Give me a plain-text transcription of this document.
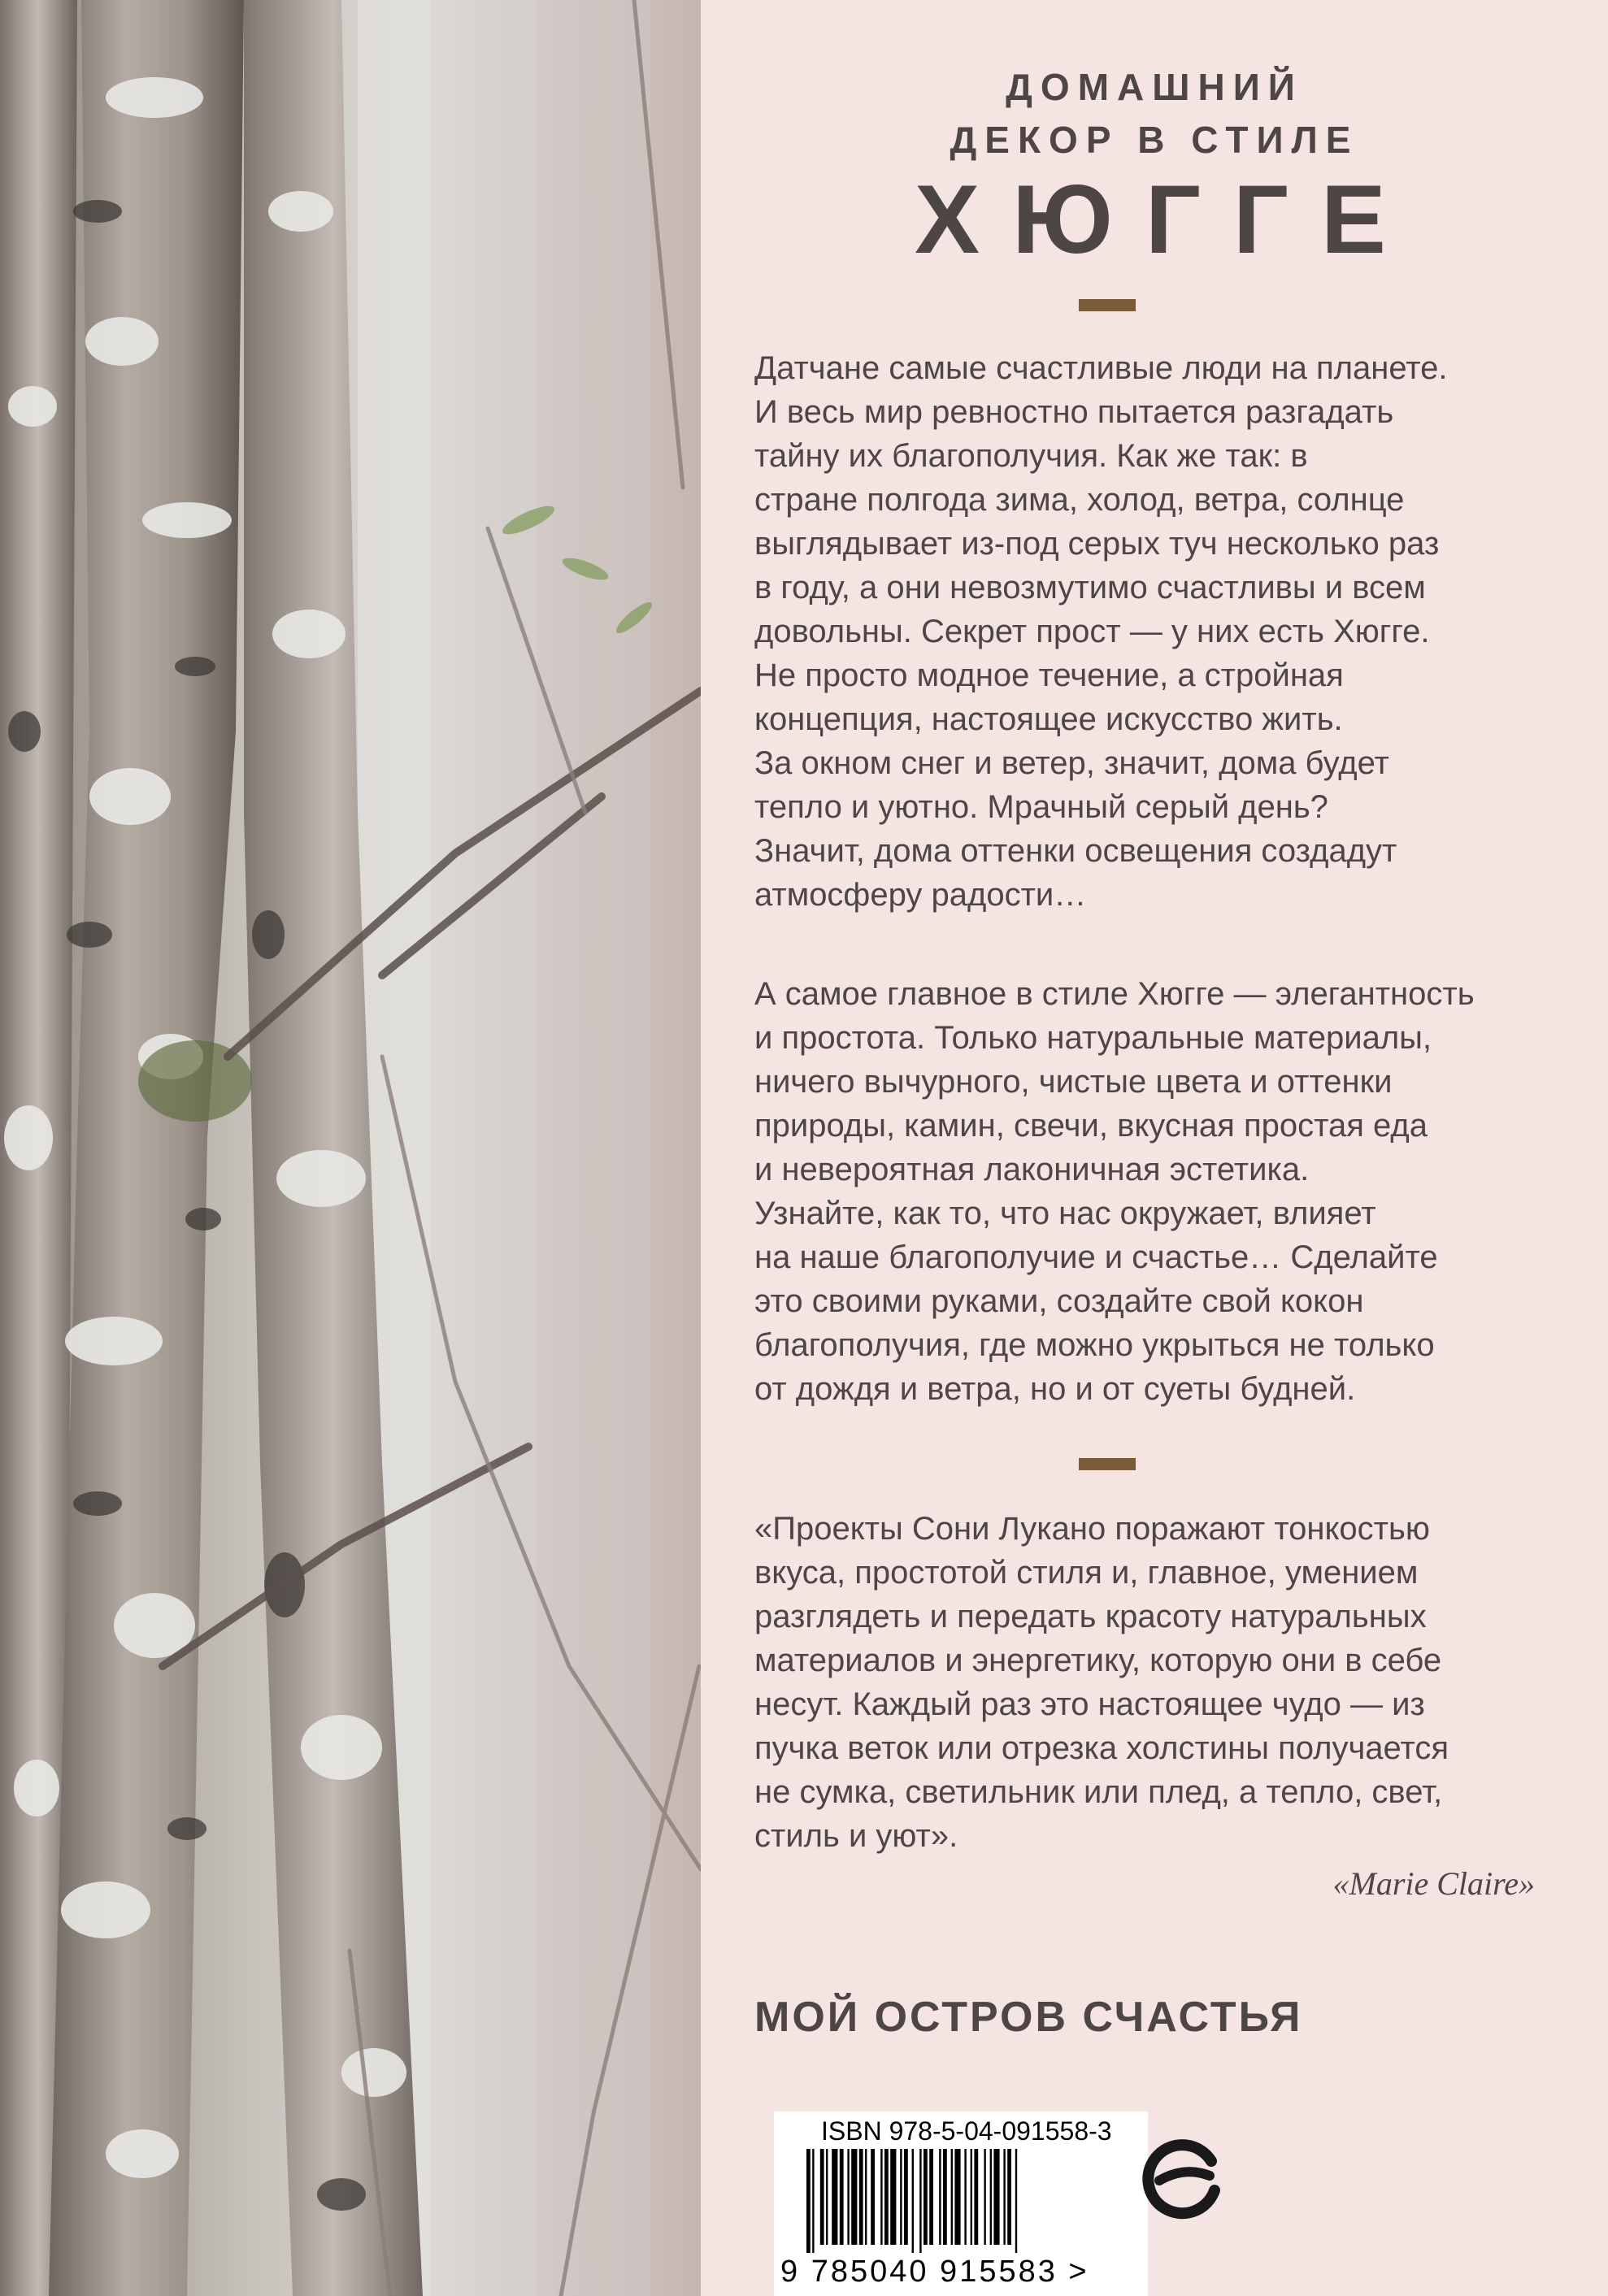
ДОМАШНИЙ
ДЕКОР В СТИЛЕ
ХЮГГЕ
Датчане самые счастливые люди на планете.
И весь мир ревностно пытается разгадать
тайну их благополучия. Как же так: в
стране полгода зима, холод, ветра, солнце
выглядывает из-под серых туч несколько раз
в году, а они невозмутимо счастливы и всем
довольны. Секрет прост — у них есть Хюгге.
Не просто модное течение, а стройная
концепция, настоящее искусство жить.
За окном снег и ветер, значит, дома будет
тепло и уютно. Мрачный серый день?
Значит, дома оттенки освещения создадут
атмосферу радости…
А самое главное в стиле Хюгге — элегантность
и простота. Только натуральные материалы,
ничего вычурного, чистые цвета и оттенки
природы, камин, свечи, вкусная простая еда
и невероятная лаконичная эстетика.
Узнайте, как то, что нас окружает, влияет
на наше благополучие и счастье… Сделайте
это своими руками, создайте свой кокон
благополучия, где можно укрыться не только
от дождя и ветра, но и от суеты будней.
«Проекты Сони Лукано поражают тонкостью
вкуса, простотой стиля и, главное, умением
разглядеть и передать красоту натуральных
материалов и энергетику, которую они в себе
несут. Каждый раз это настоящее чудо — из
пучка веток или отрезка холстины получается
не сумка, светильник или плед, а тепло, свет,
стиль и уют».
«Marie Claire»
МОЙ ОСТРОВ СЧАСТЬЯ
ISBN 978-5-04-091558-3
9 785040 915583 >
